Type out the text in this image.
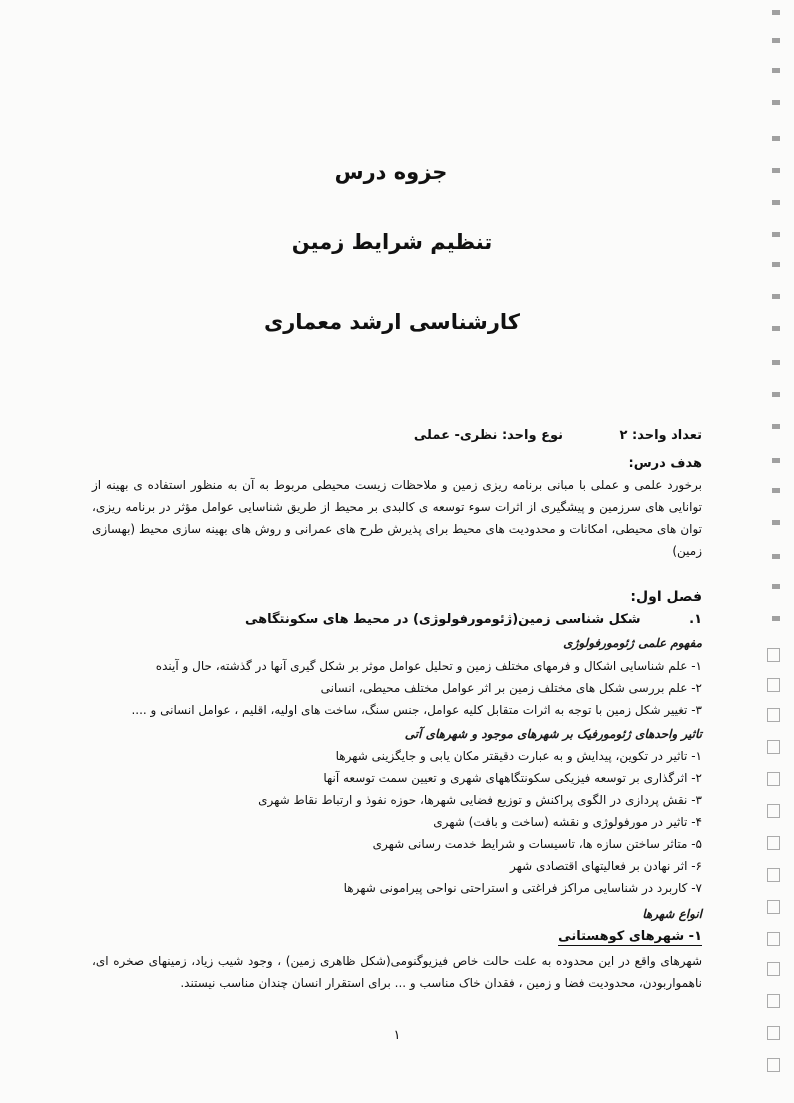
جزوه درس
تنظیم شرایط زمین
کارشناسی ارشد معماری
تعداد واحد: ۲ نوع واحد: نظری- عملی
هدف درس:
برخورد علمی و عملی با مبانی برنامه ریزی زمین و ملاحظات زیست محیطی مربوط به آن به منظور استفاده ی بهینه از توانایی های سرزمین و پیشگیری از اثرات سوء توسعه ی کالبدی بر محیط از طریق شناسایی عوامل مؤثر در برنامه ریزی، توان های محیطی، امکانات و محدودیت های محیط برای پذیرش طرح های عمرانی و روش های بهینه سازی محیط (بهسازی زمین)
فصل اول:
۱. شکل شناسی زمین(ژئومورفولوژی) در محیط های سکونتگاهی
مفهوم علمی ژئومورفولوژی
۱- علم شناسایی اشکال و فرمهای مختلف زمین و تحلیل عوامل موثر بر شکل گیری آنها در گذشته، حال و آینده
۲- علم بررسی شکل های مختلف زمین بر اثر عوامل مختلف محیطی، انسانی
۳- تغییر شکل زمین با توجه به اثرات متقابل کلیه عوامل، جنس سنگ، ساخت های اولیه، اقلیم ، عوامل انسانی و ....
تاثیر واحدهای ژئومورفیک بر شهرهای موجود و شهرهای آتی
۱- تاثیر در تکوین، پیدایش و به عبارت دقیقتر مکان یابی و جایگزینی شهرها
۲- اثرگذاری بر توسعه فیزیکی سکونتگاههای شهری و تعیین سمت توسعه آنها
۳- نقش پردازی در الگوی پراکنش و توزیع فضایی شهرها، حوزه نفوذ و ارتباط نقاط شهری
۴- تاثیر در مورفولوژی و نقشه (ساخت و بافت) شهری
۵- متاثر ساختن سازه ها، تاسیسات و شرایط خدمت رسانی شهری
۶- اثر نهادن بر فعالیتهای اقتصادی شهر
۷- کاربرد در شناسایی مراکز فراغتی و استراحتی نواحی پیرامونی شهرها
انواع شهرها
۱- شهرهای کوهستانی
شهرهای واقع در این محدوده به علت حالت خاص فیزیوگنومی(شکل ظاهری زمین) ، وجود شیب زیاد، زمینهای صخره ای، ناهمواربودن، محدودیت فضا و زمین ، فقدان خاک مناسب و ... برای استقرار انسان چندان مناسب نیستند.
۱
